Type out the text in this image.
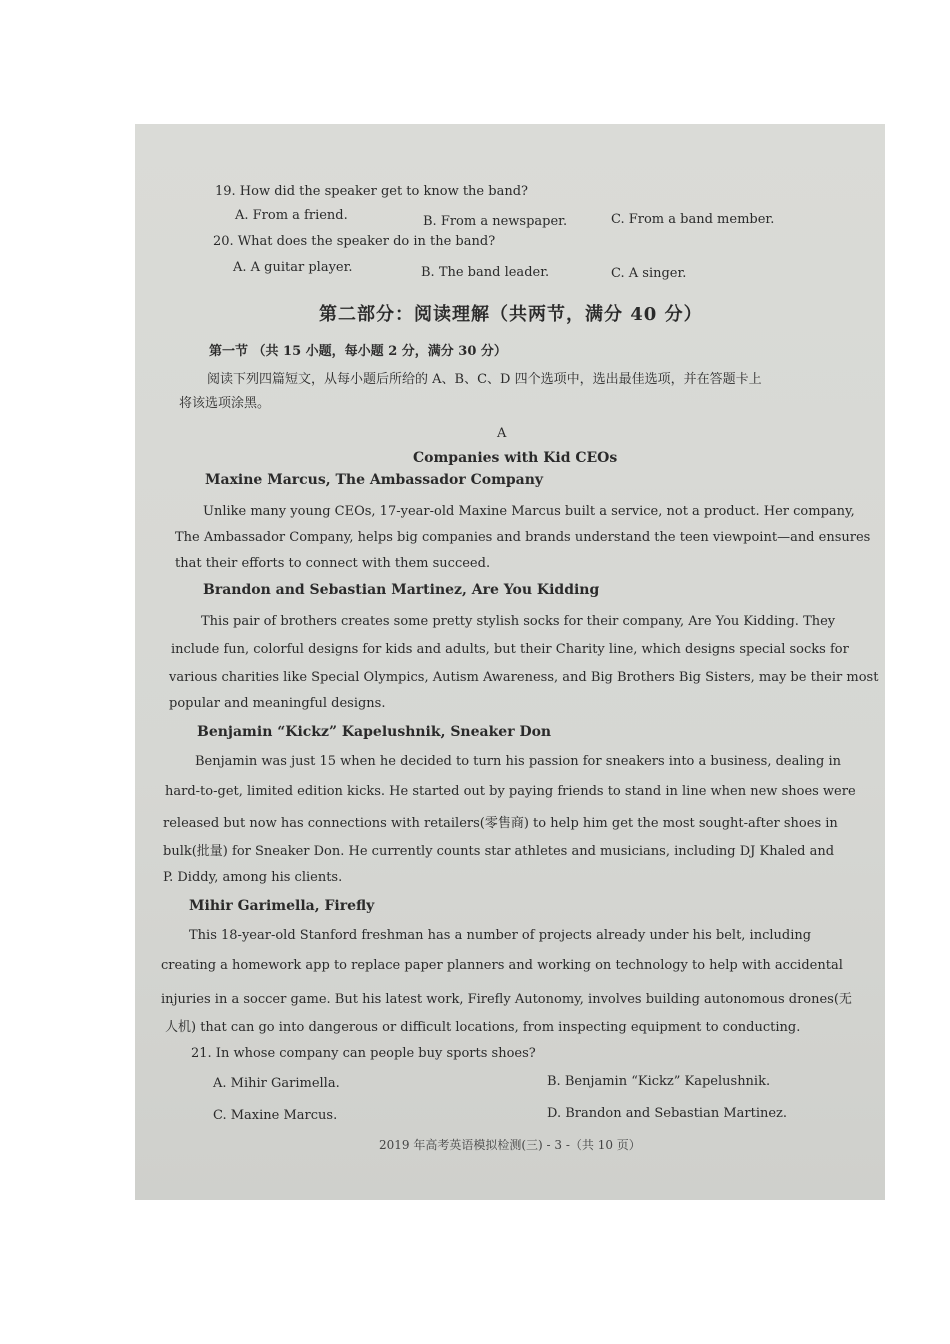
19. How did the speaker get to know the band?
A. From a friend.	B. From a newspaper.	C. From a band member.
20. What does the speaker do in the band?
A. A guitar player.	B. The band leader.	C. A singer.
第二部分：阅读理解（共两节，满分 40 分）
第一节 （共 15 小题，每小题 2 分，满分 30 分）
阅读下列四篇短文，从每小题后所给的 A、B、C、D 四个选项中，选出最佳选项，并在答题卡上
将该选项涂黑。
A
Companies with Kid CEOs
Maxine Marcus, The Ambassador Company
Unlike many young CEOs, 17-year-old Maxine Marcus built a service, not a product. Her company,
The Ambassador Company, helps big companies and brands understand the teen viewpoint—and ensures
that their efforts to connect with them succeed.
Brandon and Sebastian Martinez, Are You Kidding
This pair of brothers creates some pretty stylish socks for their company, Are You Kidding. They
include fun, colorful designs for kids and adults, but their Charity line, which designs special socks for
various charities like Special Olympics, Autism Awareness, and Big Brothers Big Sisters, may be their most
popular and meaningful designs.
Benjamin “Kickz” Kapelushnik, Sneaker Don
Benjamin was just 15 when he decided to turn his passion for sneakers into a business, dealing in
hard-to-get, limited edition kicks. He started out by paying friends to stand in line when new shoes were
released but now has connections with retailers(零售商) to help him get the most sought-after shoes in
bulk(批量) for Sneaker Don. He currently counts star athletes and musicians, including DJ Khaled and
P. Diddy, among his clients.
Mihir Garimella, Firefly
This 18-year-old Stanford freshman has a number of projects already under his belt, including
creating a homework app to replace paper planners and working on technology to help with accidental
injuries in a soccer game. But his latest work, Firefly Autonomy, involves building autonomous drones(无
人机) that can go into dangerous or difficult locations, from inspecting equipment to conducting.
21. In whose company can people buy sports shoes?
A. Mihir Garimella.	B. Benjamin “Kickz” Kapelushnik.
C. Maxine Marcus.	D. Brandon and Sebastian Martinez.
2019 年高考英语模拟检测(三) - 3 -（共 10 页）
